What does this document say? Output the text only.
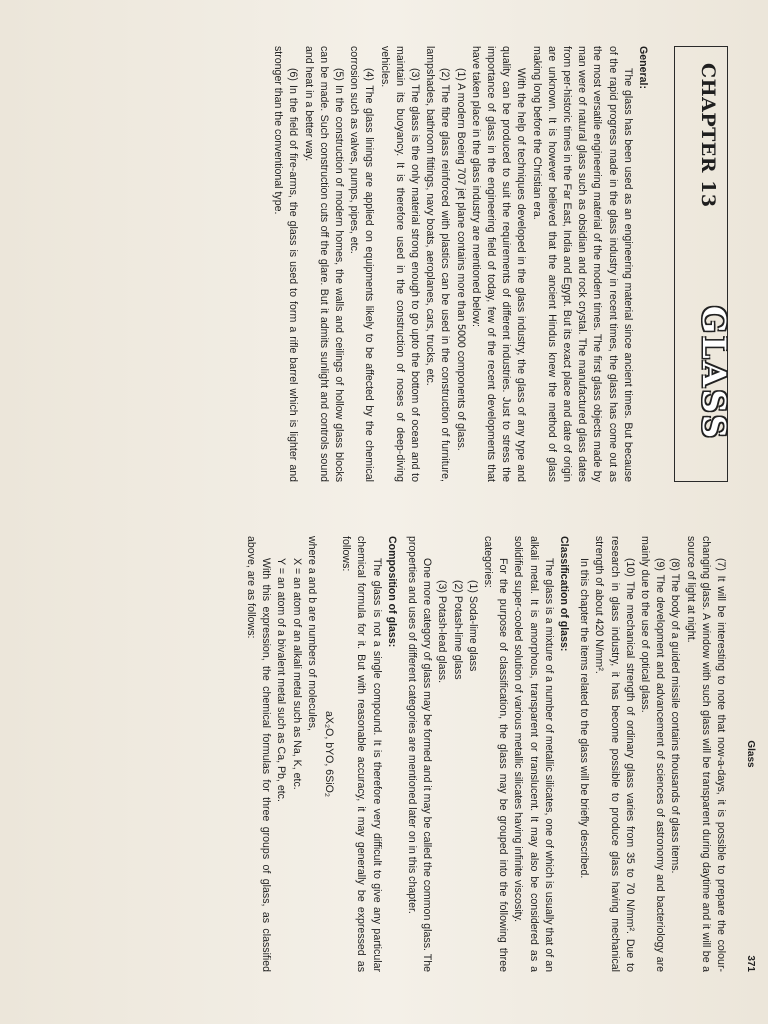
Glass
371
CHAPTER 13
GLASS

General:

The glass has been used as an engineering material since ancient times. But because of the rapid progress made in the glass industry in recent times, the glass has come out as the most versatile engineering material of the modern times. The first glass objects made by man were of natural glass such as obsidian and rock crystal. The manufactured glass dates from per-historic times in the Far East, India and Egypt. But its exact place and date of origin are unknown. It is however believed that the ancient Hindus knew the method of glass making long before the Christian era.

With the help of techniques developed in the glass industry, the glass of any type and quality can be produced to suit the requirements of different industries. Just to stress the importance of glass in the engineering field of today, few of the recent developments that have taken place in the glass industry are mentioned below:

(1) A modern Boeing 707 jet plane contains more than 5000 components of glass.

(2) The fibre glass reinforced with plastics can be used in the construction of furniture, lampshades, bathroom fittings, navy boats, aeroplanes, cars, trucks, etc.

(3) The glass is the only material strong enough to go upto the bottom of ocean and to maintain its buoyancy. It is therefore used in the construction of noses of deep-diving vehicles.

(4) The glass linings are applied on equipments likely to be affected by the chemical corrosion such as valves, pumps, pipes, etc.

(5) In the construction of modern homes, the walls and ceilings of hollow glass blocks can be made. Such construction cuts off the glare. But it admits sunlight and controls sound and heat in a better way.

(6) In the field of fire-arms, the glass is used to form a rifle barrel which is lighter and stronger than the conventional type.

(7) It will be interesting to note that now-a-days, it is possible to prepare the colour-changing glass. A window with such glass will be transparent during daytime and it will be a source of light at night.

(8) The body of a guided missile contains thousands of glass items.

(9) The development and advancement of sciences of astronomy and bacteriology are mainly due to the use of optical glass.

(10) The mechanical strength of ordinary glass varies from 35 to 70 N/mm². Due to research in glass industry, it has become possible to produce glass having mechanical strength of about 420 N/mm².

In this chapter the items related to the glass will be briefly described.

Classification of glass:

The glass is a mixture of a number of metallic silicates, one of which is usually that of an alkali metal. It is amorphous, transparent or translucent. It may also be considered as a solidified super-cooled solution of various metallic silicates having infinite viscosity.

For the purpose of classification, the glass may be grouped into the following three categories:

(1) Soda-lime glass

(2) Potash-lime glass

(3) Potash-lead glass.

One more category of glass may be formed and it may be called the common glass. The properties and uses of different categories are mentioned later on in this chapter.

Composition of glass:

The glass is not a single compound. It is therefore very difficult to give any particular chemical formula for it. But with reasonable accuracy, it may generally be expressed as follows:

aX₂O, bYO, 6SiO₂

where a and b are numbers of molecules,

X = an atom of an alkali metal such as Na, K, etc.

Y = an atom of a bivalent metal such as Ca, Pb, etc.

With this expression, the chemical formulas for three groups of glass, as classified above, are as follows:
